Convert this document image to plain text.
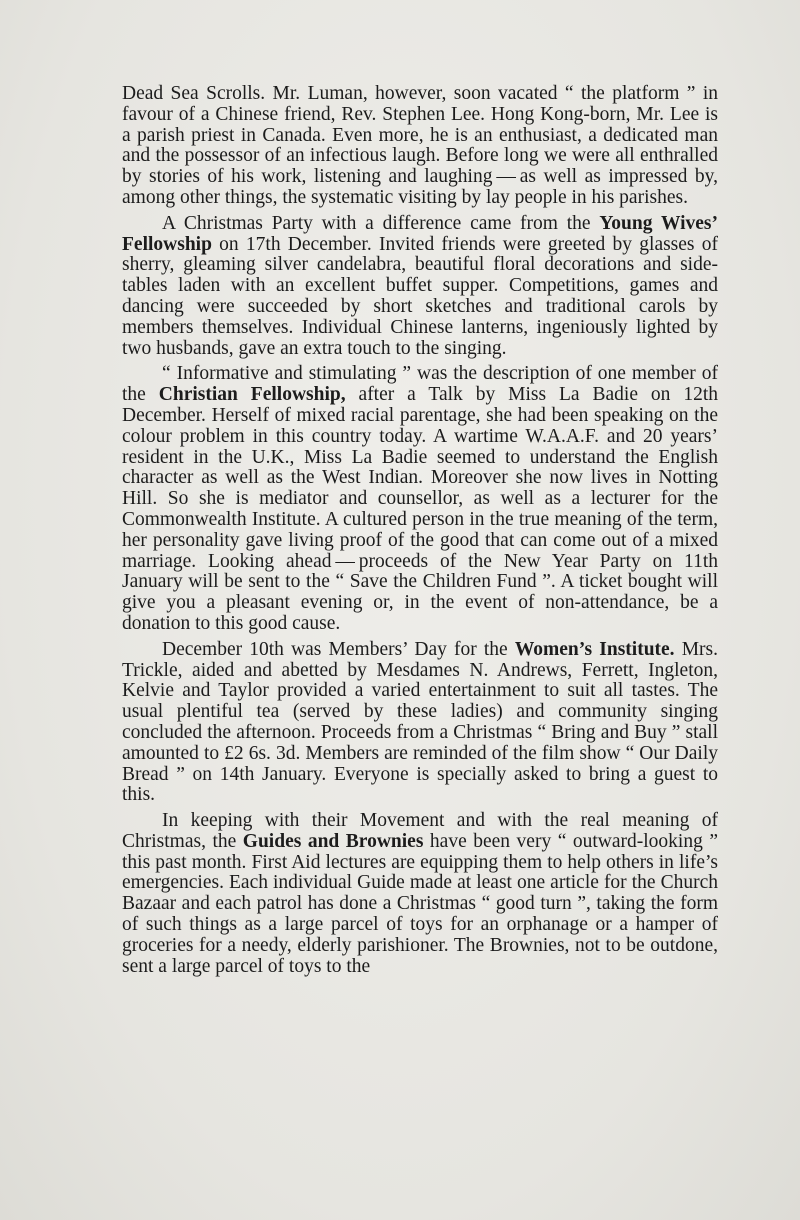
Dead Sea Scrolls. Mr. Luman, however, soon vacated “ the platform ” in favour of a Chinese friend, Rev. Stephen Lee. Hong Kong-born, Mr. Lee is a parish priest in Canada. Even more, he is an enthusiast, a dedicated man and the possessor of an infectious laugh. Before long we were all enthralled by stories of his work, listening and laughing — as well as impressed by, among other things, the systematic visiting by lay people in his parishes.

A Christmas Party with a difference came from the Young Wives’ Fellowship on 17th December. Invited friends were greeted by glasses of sherry, gleaming silver candelabra, beautiful floral decorations and side-tables laden with an excellent buffet supper. Competitions, games and dancing were succeeded by short sketches and traditional carols by members themselves. Individual Chinese lanterns, ingeniously lighted by two husbands, gave an extra touch to the singing.

“ Informative and stimulating ” was the description of one member of the Christian Fellowship, after a Talk by Miss La Badie on 12th December. Herself of mixed racial parentage, she had been speaking on the colour problem in this country today. A wartime W.A.A.F. and 20 years’ resident in the U.K., Miss La Badie seemed to understand the English character as well as the West Indian. Moreover she now lives in Notting Hill. So she is mediator and counsellor, as well as a lecturer for the Commonwealth Institute. A cultured person in the true meaning of the term, her personality gave living proof of the good that can come out of a mixed marriage. Looking ahead — proceeds of the New Year Party on 11th January will be sent to the “ Save the Children Fund ”. A ticket bought will give you a pleasant evening or, in the event of non-attendance, be a donation to this good cause.

December 10th was Members’ Day for the Women’s Institute. Mrs. Trickle, aided and abetted by Mesdames N. Andrews, Ferrett, Ingleton, Kelvie and Taylor provided a varied entertainment to suit all tastes. The usual plentiful tea (served by these ladies) and community singing concluded the afternoon. Proceeds from a Christmas “ Bring and Buy ” stall amounted to £2 6s. 3d. Members are reminded of the film show “ Our Daily Bread ” on 14th January. Everyone is specially asked to bring a guest to this.

In keeping with their Movement and with the real meaning of Christmas, the Guides and Brownies have been very “ outward-looking ” this past month. First Aid lectures are equipping them to help others in life’s emergencies. Each individual Guide made at least one article for the Church Bazaar and each patrol has done a Christmas “ good turn ”, taking the form of such things as a large parcel of toys for an orphanage or a hamper of groceries for a needy, elderly parishioner. The Brownies, not to be outdone, sent a large parcel of toys to the
